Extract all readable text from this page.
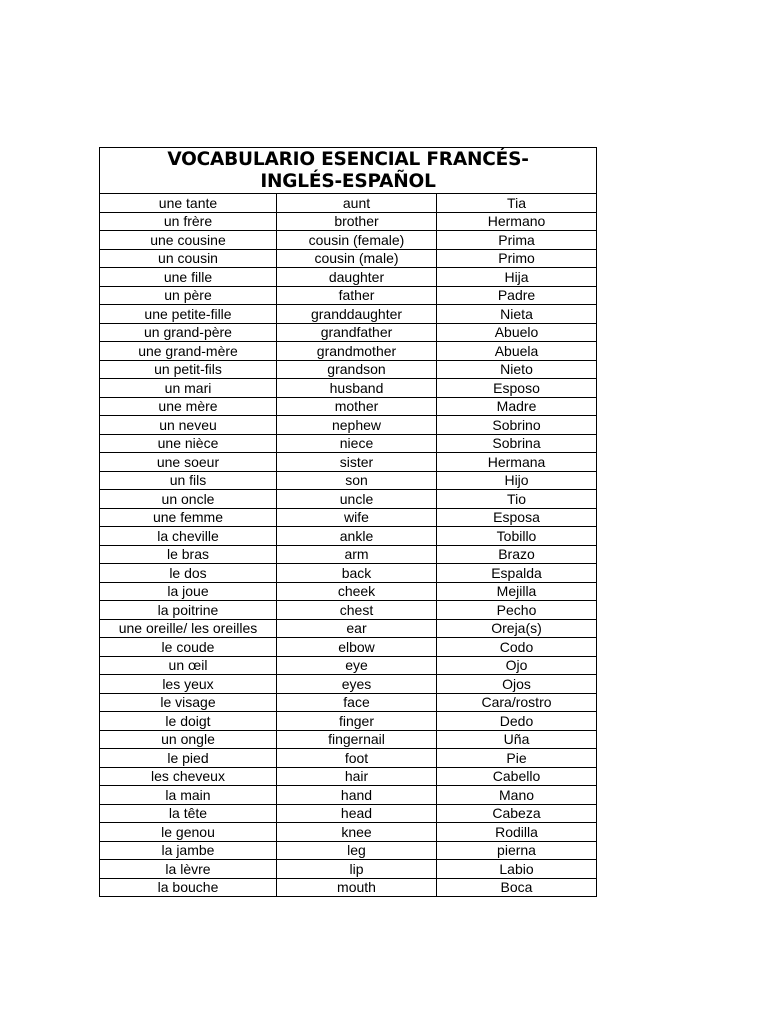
VOCABULARIO ESENCIAL FRANCÉS-
INGLÉS-ESPAÑOL		

une tante	aunt	Tia
un frère	brother	Hermano
une cousine	cousin (female)	Prima
un cousin	cousin (male)	Primo
une fille	daughter	Hija
un père	father	Padre
une petite-fille	granddaughter	Nieta
un grand-père	grandfather	Abuelo
une grand-mère	grandmother	Abuela
un petit-fils	grandson	Nieto
un mari	husband	Esposo
une mère	mother	Madre
un neveu	nephew	Sobrino
une nièce	niece	Sobrina
une soeur	sister	Hermana
un fils	son	Hijo
un oncle	uncle	Tio
une femme	wife	Esposa
la cheville	ankle	Tobillo
le bras	arm	Brazo
le dos	back	Espalda
la joue	cheek	Mejilla
la poitrine	chest	Pecho
une oreille/ les oreilles	ear	Oreja(s)
le coude	elbow	Codo
un œil	eye	Ojo
les yeux	eyes	Ojos
le visage	face	Cara/rostro
le doigt	finger	Dedo
un ongle	fingernail	Uña
le pied	foot	Pie
les cheveux	hair	Cabello
la main	hand	Mano
la tête	head	Cabeza
le genou	knee	Rodilla
la jambe	leg	pierna
la lèvre	lip	Labio
la bouche	mouth	Boca
